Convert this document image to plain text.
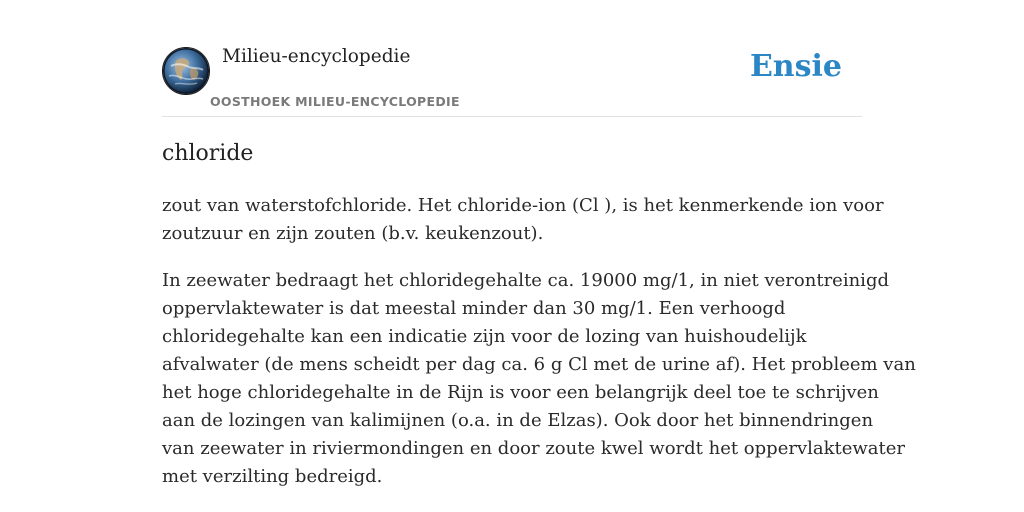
Milieu-encyclopedie
OOSTHOEK MILIEU-ENCYCLOPEDIE
Ensie
chloride

zout van waterstofchloride. Het chloride-ion (Cl ), is het kenmerkende ion voor
zoutzuur en zijn zouten (b.v. keukenzout).

In zeewater bedraagt het chloridegehalte ca. 19000 mg/1, in niet verontreinigd
oppervlaktewater is dat meestal minder dan 30 mg/1. Een verhoogd
chloridegehalte kan een indicatie zijn voor de lozing van huishoudelijk
afvalwater (de mens scheidt per dag ca. 6 g Cl met de urine af). Het probleem van
het hoge chloridegehalte in de Rijn is voor een belangrijk deel toe te schrijven
aan de lozingen van kalimijnen (o.a. in de Elzas). Ook door het binnendringen
van zeewater in riviermondingen en door zoute kwel wordt het oppervlaktewater
met verzilting bedreigd.
